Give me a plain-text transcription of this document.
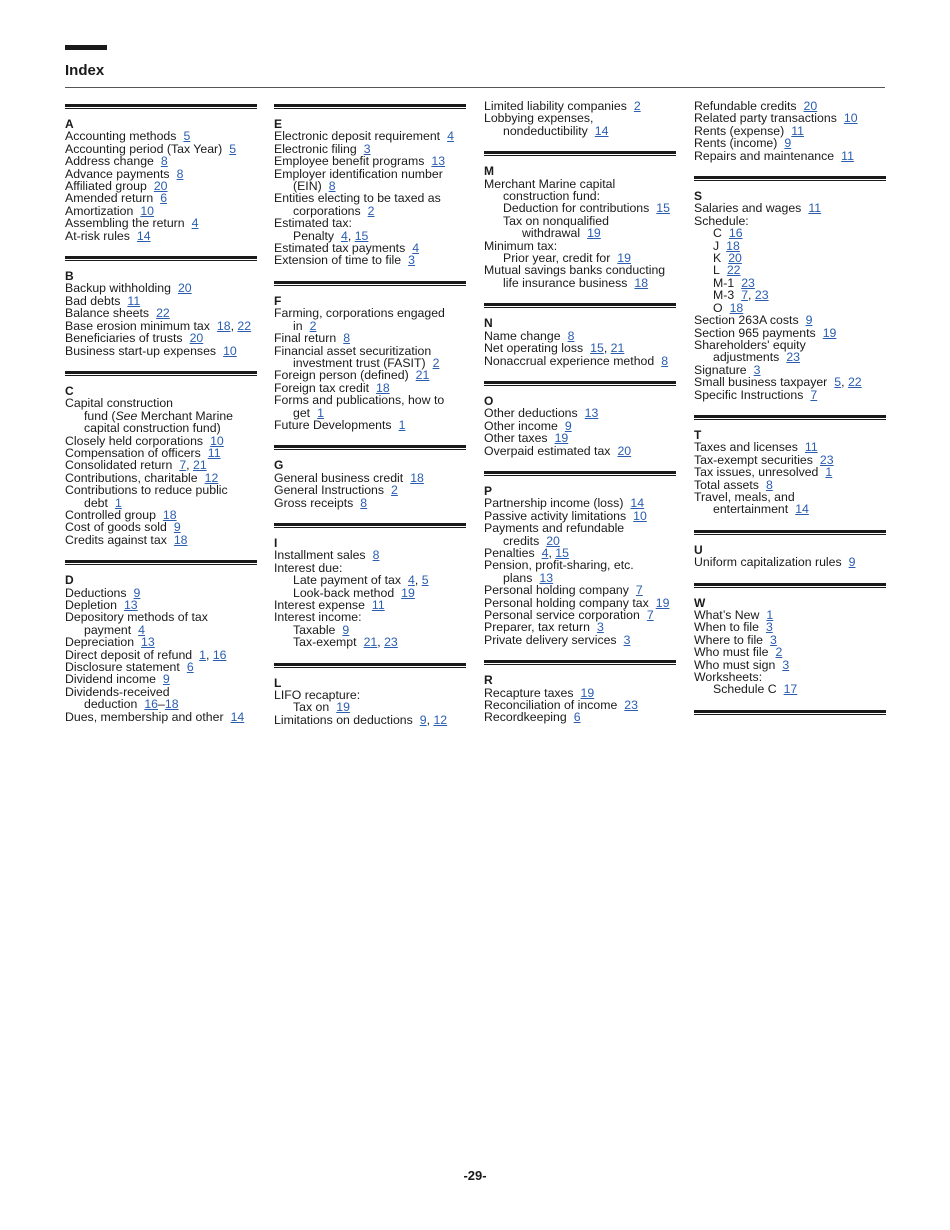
Index
A
Accounting methods 5
Accounting period (Tax Year) 5
Address change 8
Advance payments 8
Affiliated group 20
Amended return 6
Amortization 10
Assembling the return 4
At-risk rules 14
B
Backup withholding 20
Bad debts 11
Balance sheets 22
Base erosion minimum tax 18, 22
Beneficiaries of trusts 20
Business start-up expenses 10
C
Capital construction
fund (See Merchant Marine
capital construction fund)
Closely held corporations 10
Compensation of officers 11
Consolidated return 7, 21
Contributions, charitable 12
Contributions to reduce public
debt 1
Controlled group 18
Cost of goods sold 9
Credits against tax 18
D
Deductions 9
Depletion 13
Depository methods of tax
payment 4
Depreciation 13
Direct deposit of refund 1, 16
Disclosure statement 6
Dividend income 9
Dividends-received
deduction 16–18
Dues, membership and other 14
E
Electronic deposit requirement 4
Electronic filing 3
Employee benefit programs 13
Employer identification number
(EIN) 8
Entities electing to be taxed as
corporations 2
Estimated tax:
Penalty 4, 15
Estimated tax payments 4
Extension of time to file 3
F
Farming, corporations engaged
in 2
Final return 8
Financial asset securitization
investment trust (FASIT) 2
Foreign person (defined) 21
Foreign tax credit 18
Forms and publications, how to
get 1
Future Developments 1
G
General business credit 18
General Instructions 2
Gross receipts 8
I
Installment sales 8
Interest due:
Late payment of tax 4, 5
Look-back method 19
Interest expense 11
Interest income:
Taxable 9
Tax-exempt 21, 23
L
LIFO recapture:
Tax on 19
Limitations on deductions 9, 12
Limited liability companies 2
Lobbying expenses,
nondeductibility 14
M
Merchant Marine capital
construction fund:
Deduction for contributions 15
Tax on nonqualified
withdrawal 19
Minimum tax:
Prior year, credit for 19
Mutual savings banks conducting
life insurance business 18
N
Name change 8
Net operating loss 15, 21
Nonaccrual experience method 8
O
Other deductions 13
Other income 9
Other taxes 19
Overpaid estimated tax 20
P
Partnership income (loss) 14
Passive activity limitations 10
Payments and refundable
credits 20
Penalties 4, 15
Pension, profit-sharing, etc.
plans 13
Personal holding company 7
Personal holding company tax 19
Personal service corporation 7
Preparer, tax return 3
Private delivery services 3
R
Recapture taxes 19
Reconciliation of income 23
Recordkeeping 6
Refundable credits 20
Related party transactions 10
Rents (expense) 11
Rents (income) 9
Repairs and maintenance 11
S
Salaries and wages 11
Schedule:
C 16
J 18
K 20
L 22
M-1 23
M-3 7, 23
O 18
Section 263A costs 9
Section 965 payments 19
Shareholders' equity
adjustments 23
Signature 3
Small business taxpayer 5, 22
Specific Instructions 7
T
Taxes and licenses 11
Tax-exempt securities 23
Tax issues, unresolved 1
Total assets 8
Travel, meals, and
entertainment 14
U
Uniform capitalization rules 9
W
What’s New 1
When to file 3
Where to file 3
Who must file 2
Who must sign 3
Worksheets:
Schedule C 17
-29-
